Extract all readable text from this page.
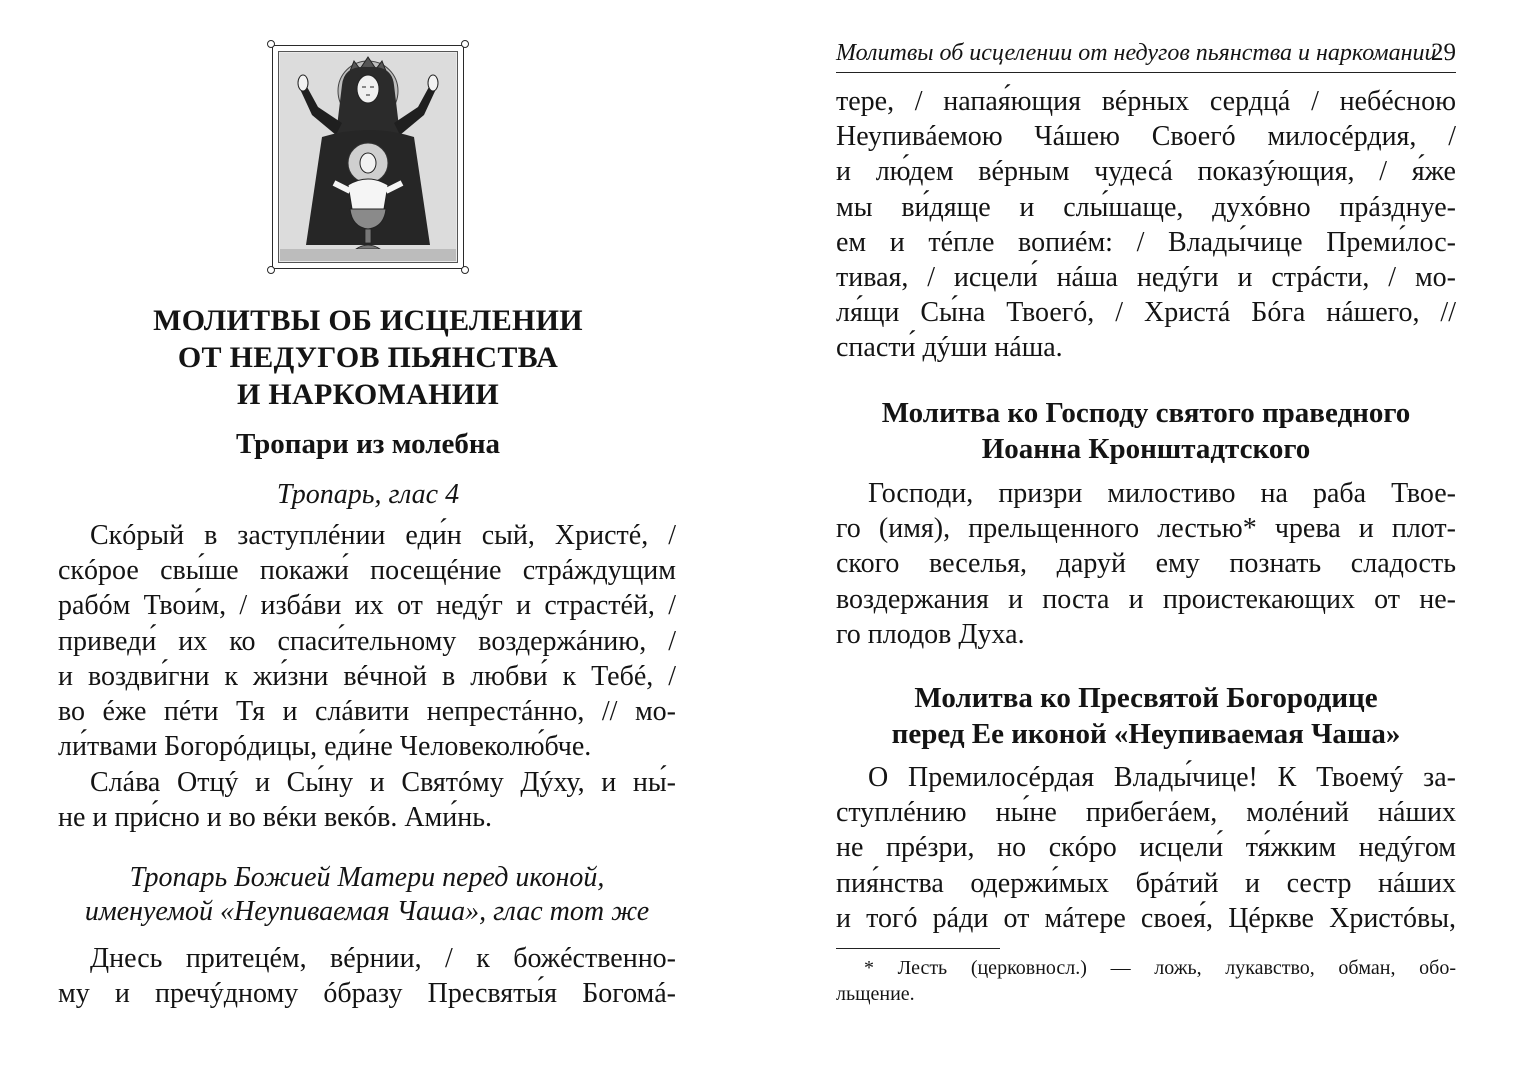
МОЛИТВЫ ОБ ИСЦЕЛЕНИИ
ОТ НЕДУГОВ ПЬЯНСТВА
И НАРКОМАНИИ
Тропари из молебна
Тропарь, глас 4
Скóрый в заступлéнии еди́н сый, Христé, /
скóрое свы́ше покажи́ посещéние стрáждущим
рабóм Твои́м, / избáви их от недýг и страстéй, /
приведи́ их ко спаси́тельному воздержáнию, /
и воздви́гни к жи́зни вéчной в любви́ к Тебé, /
во éже пéти Тя и слáвити непрестáнно, // мо-
ли́твами Богорóдицы, еди́не Человеколю́бче.
Слáва Отцý и Сы́ну и Святóму Дýху, и ны́-
не и при́сно и во вéки векóв. Ами́нь.
Тропарь Божией Матери перед иконой,
именуемой «Неупиваемая Чаша», глас тот же
Днесь притецéм, вéрнии, / к божéственно-
му и пречýдному óбразу Пресвяты́я Богомá-
Молитвы об исцелении от недугов пьянства и наркомании
29
тере, / напая́ющия вéрных сердцá / небéсною
Неупивáемою Чáшею Своегó милосéрдия, /
и лю́дем вéрным чудесá показýющия, / я́же
мы ви́дяще и слы́шаще, духóвно прáзднуе-
ем и тéпле вопиéм: / Влады́чице Преми́лос-
тивая, / исцели́ нáша недýги и стрáсти, / мо-
ля́щи Сы́на Твоегó, / Христá Бóга нáшего, //
спасти́ дýши нáша.
Молитва ко Господу святого праведного
Иоанна Кронштадтского
Господи, призри милостиво на раба Твое-
го (имя), прельщенного лестью* чрева и плот-
ского веселья, даруй ему познать сладость
воздержания и поста и проистекающих от не-
го плодов Духа.
Молитва ко Пресвятой Богородице
перед Ее иконой «Неупиваемая Чаша»
О Премилосéрдая Влады́чице! К Твоемý за-
ступлéнию ны́не прибегáем, молéний нáших
не прéзри, но скóро исцели́ тя́жким недýгом
пия́нства одержи́мых брáтий и сестр нáших
и тогó рáди от мáтере своея́, Цéркве Христóвы,
* Лесть (церковносл.) — ложь, лукавство, обман, обо-
льщение.
